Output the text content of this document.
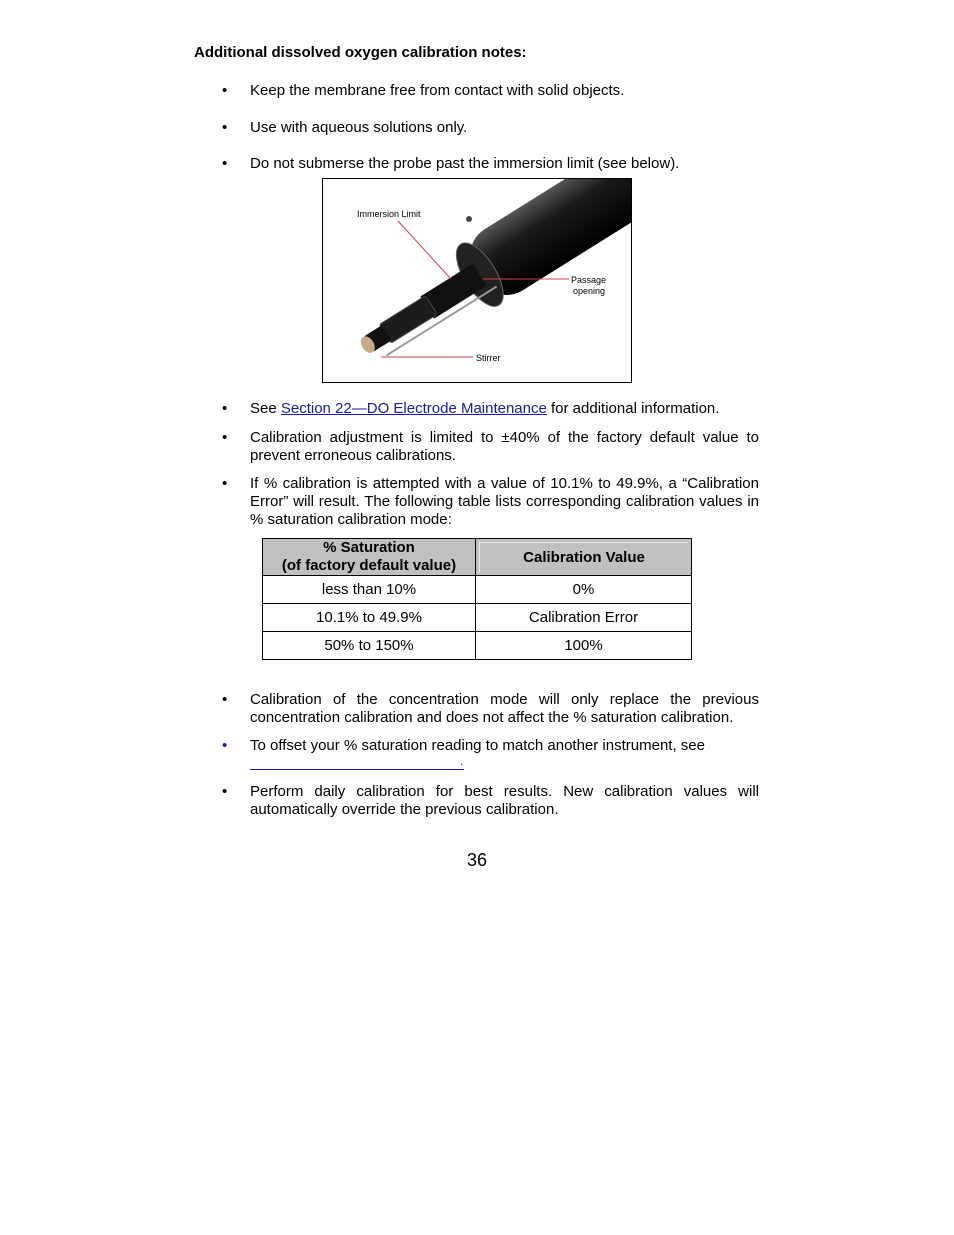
Additional dissolved oxygen calibration notes:
• Keep the membrane free from contact with solid objects.
• Use with aqueous solutions only.
• Do not submerse the probe past the immersion limit (see below).
Immersion Limit
Passage
opening
Stirrer
• See Section 22—DO Electrode Maintenance for additional information.
• Calibration adjustment is limited to ±40% of the factory default value to prevent erroneous calibrations.
• If % calibration is attempted with a value of 10.1% to 49.9%, a “Calibration Error” will result. The following table lists corresponding calibration values in % saturation calibration mode:
% Saturation
(of factory default value)	Calibration Value

less than 10%	0%
10.1% to 49.9%	Calibration Error
50% to 150%	100%
• Calibration of the concentration mode will only replace the previous concentration calibration and does not affect the % saturation calibration.
• To offset your % saturation reading to match another instrument, see
.
• Perform daily calibration for best results. New calibration values will automatically override the previous calibration.
36
